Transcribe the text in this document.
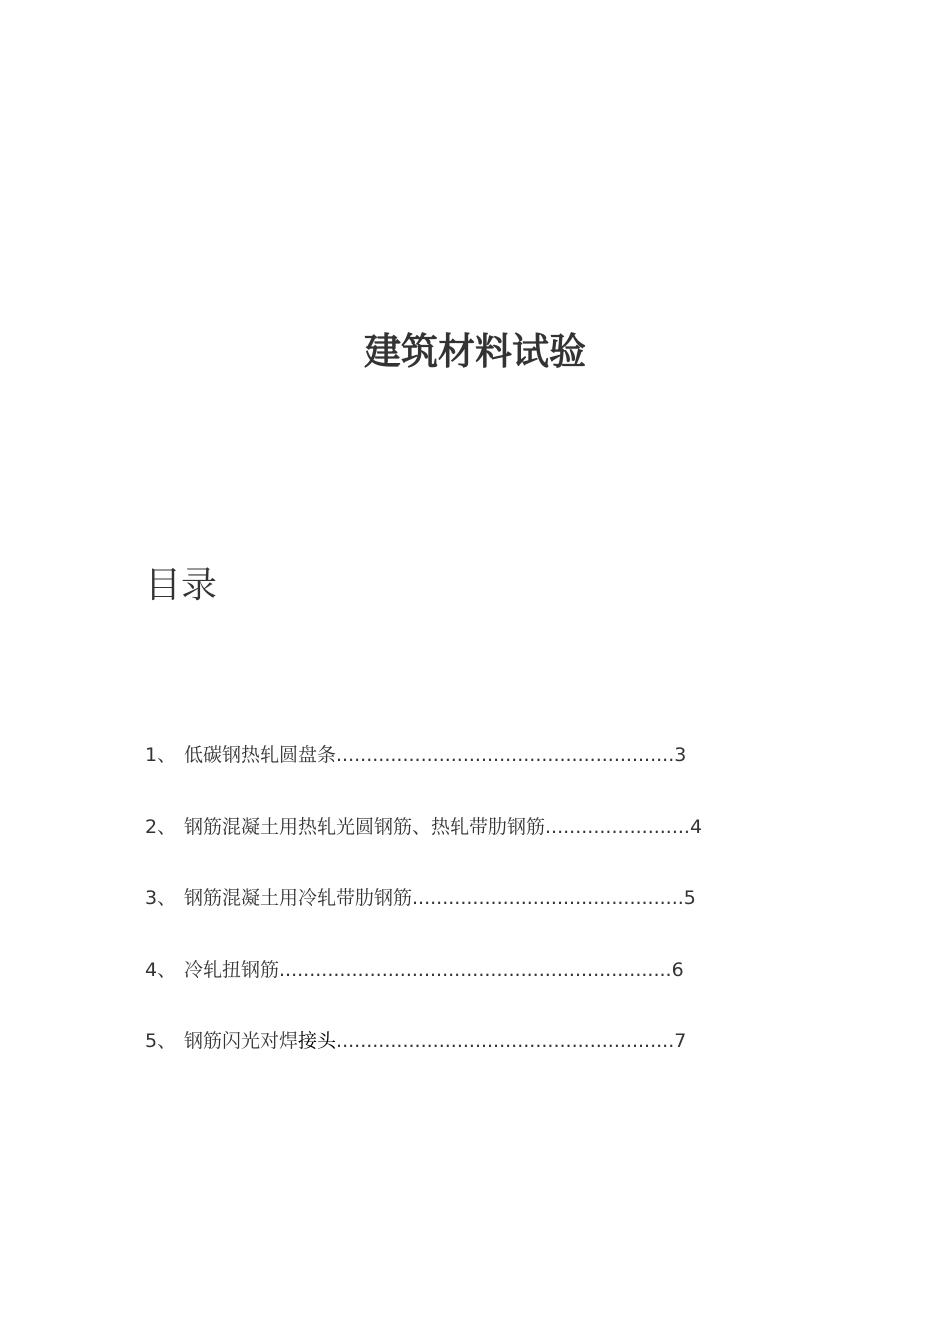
建筑材料试验
目录
1、 低碳钢热轧圆盘条........................................................3
2、 钢筋混凝土用热轧光圆钢筋、热轧带肋钢筋........................4
3、 钢筋混凝土用冷轧带肋钢筋.............................................5
4、 冷轧扭钢筋.................................................................6
5、 钢筋闪光对焊接头........................................................7
